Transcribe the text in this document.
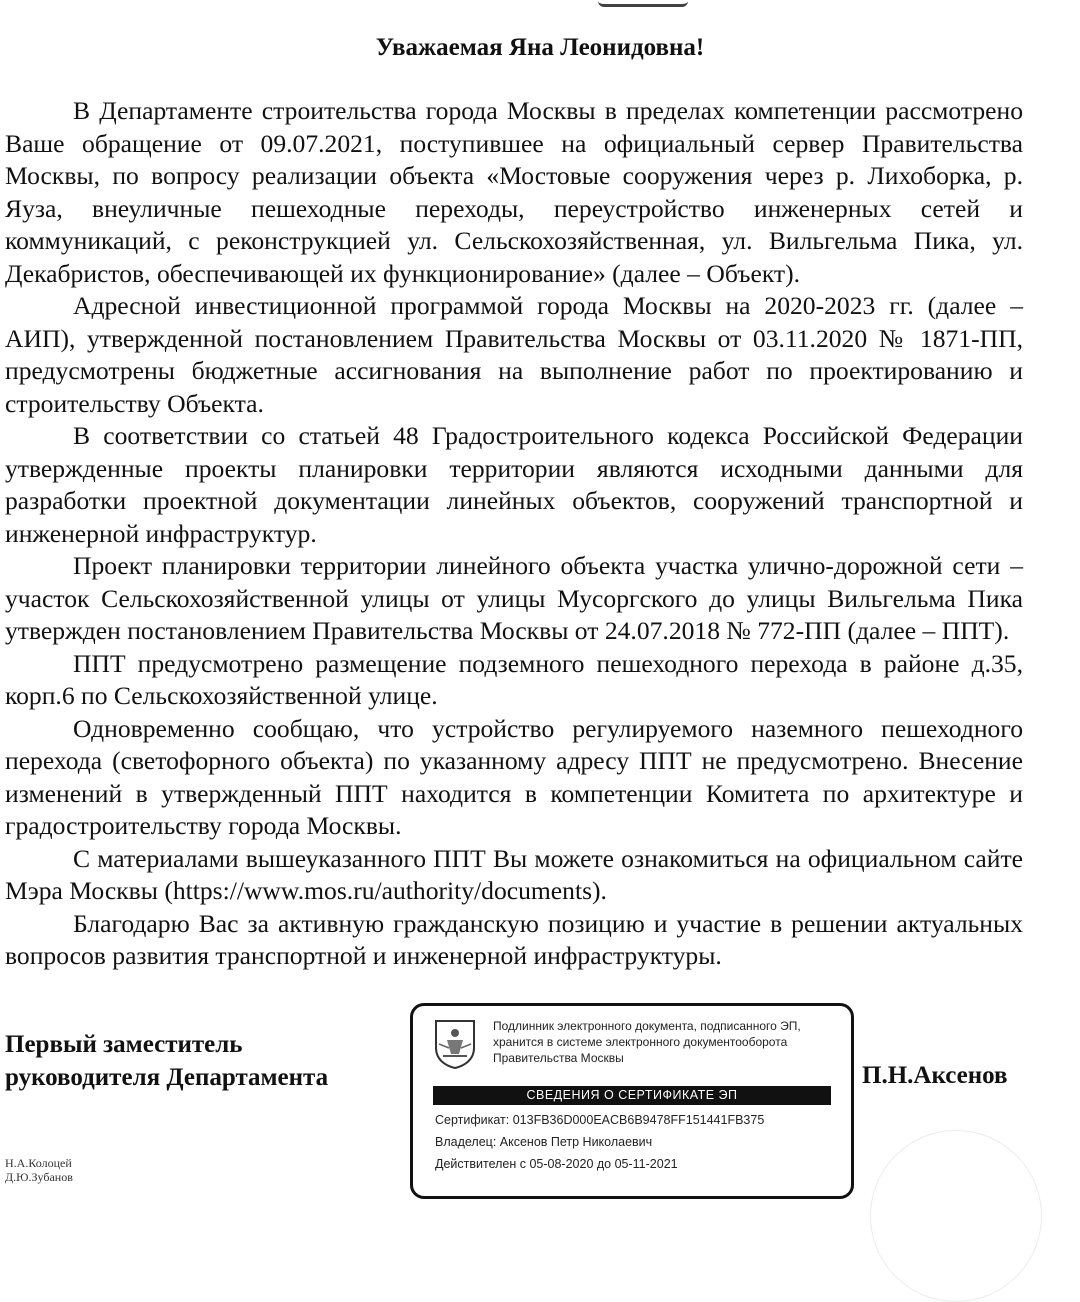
Уважаемая Яна Леонидовна!

В Департаменте строительства города Москвы в пределах компетенции рассмотрено Ваше обращение от 09.07.2021, поступившее на официальный сервер Правительства Москвы, по вопросу реализации объекта «Мостовые сооружения через р. Лихоборка, р. Яуза, внеуличные пешеходные переходы, переустройство инженерных сетей и коммуникаций, с реконструкцией ул. Сельскохозяйственная, ул. Вильгельма Пика, ул. Декабристов, обеспечивающей их функционирование» (далее – Объект).

Адресной инвестиционной программой города Москвы на 2020-2023 гг. (далее – АИП), утвержденной постановлением Правительства Москвы от 03.11.2020 № 1871-ПП, предусмотрены бюджетные ассигнования на выполнение работ по проектированию и строительству Объекта.

В соответствии со статьей 48 Градостроительного кодекса Российской Федерации утвержденные проекты планировки территории являются исходными данными для разработки проектной документации линейных объектов, сооружений транспортной и инженерной инфраструктур.

Проект планировки территории линейного объекта участка улично-дорожной сети – участок Сельскохозяйственной улицы от улицы Мусоргского до улицы Вильгельма Пика утвержден постановлением Правительства Москвы от 24.07.2018 № 772-ПП (далее – ППТ).

ППТ предусмотрено размещение подземного пешеходного перехода в районе д.35, корп.6 по Сельскохозяйственной улице.

Одновременно сообщаю, что устройство регулируемого наземного пешеходного перехода (светофорного объекта) по указанному адресу ППТ не предусмотрено. Внесение изменений в утвержденный ППТ находится в компетенции Комитета по архитектуре и градостроительству города Москвы.

С материалами вышеуказанного ППТ Вы можете ознакомиться на официальном сайте Мэра Москвы (https://www.mos.ru/authority/documents).

Благодарю Вас за активную гражданскую позицию и участие в решении актуальных вопросов развития транспортной и инженерной инфраструктуры.

Первый заместитель
руководителя Департамента
Подлинник электронного документа, подписанного ЭП,
хранится в системе электронного документооборота
Правительства Москвы
СВЕДЕНИЯ О СЕРТИФИКАТЕ ЭП
Сертификат: 013FB36D000EACB6B9478FF151441FB375
Владелец: Аксенов Петр Николаевич
Действителен с 05-08-2020 до 05-11-2021
П.Н.Аксенов
Н.А.Колоцей
Д.Ю.Зубанов
